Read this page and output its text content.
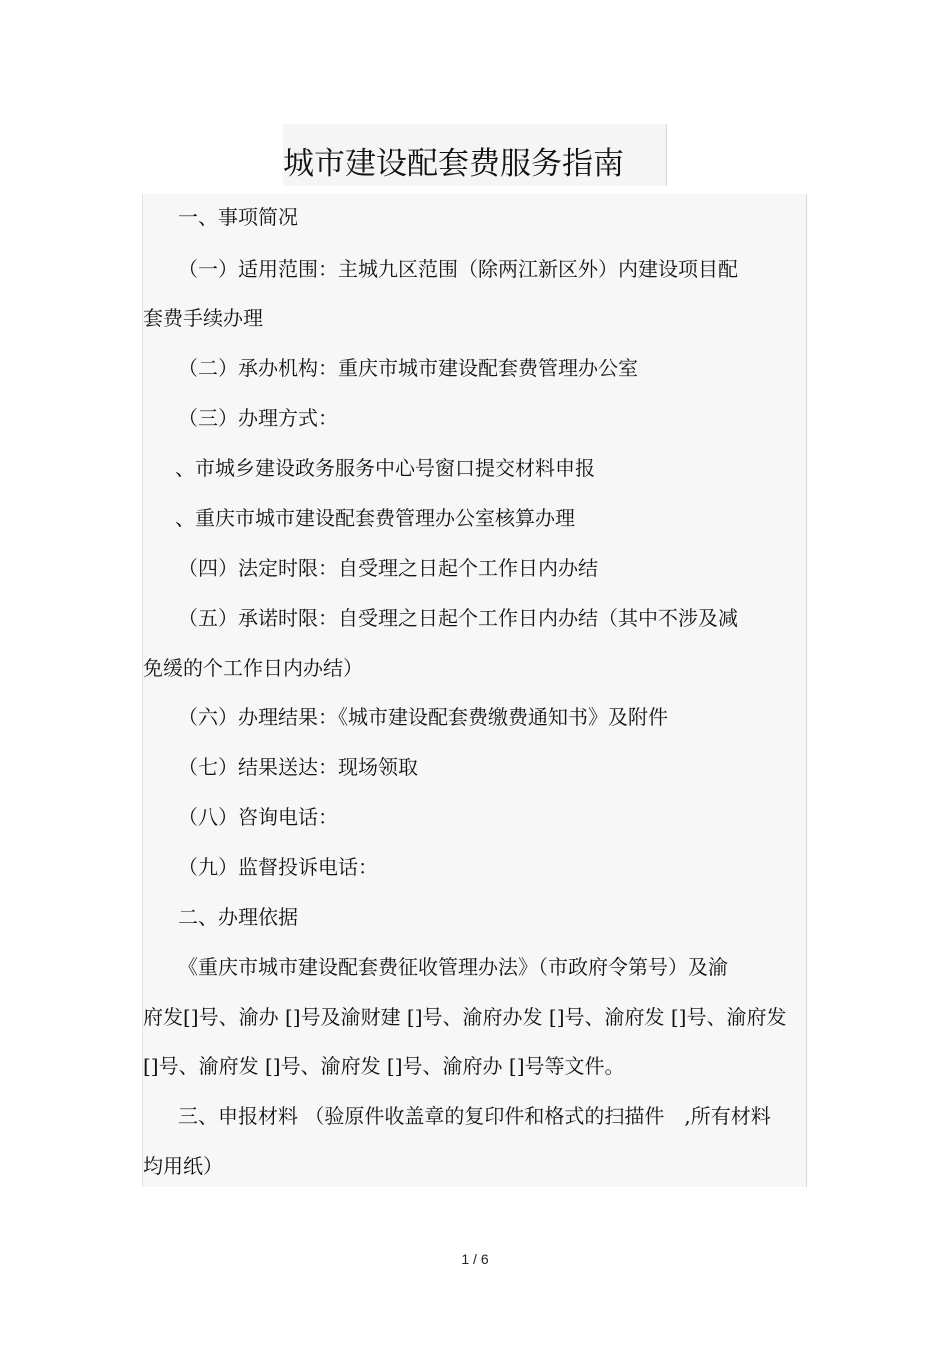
城市建设配套费服务指南
一、事项简况
（一）适用范围：主城九区范围（除两江新区外）内建设项目配
套费手续办理
（二）承办机构：重庆市城市建设配套费管理办公室
（三）办理方式：
、市城乡建设政务服务中心号窗口提交材料申报
、重庆市城市建设配套费管理办公室核算办理
（四）法定时限：自受理之日起个工作日内办结
（五）承诺时限：自受理之日起个工作日内办结（其中不涉及减
免缓的个工作日内办结）
（六）办理结果：《城市建设配套费缴费通知书》及附件
（七）结果送达：现场领取
（八）咨询电话：
（九）监督投诉电话：
二、办理依据
《重庆市城市建设配套费征收管理办法》（市政府令第号）及渝
府发[]号、渝办 []号及渝财建 []号、渝府办发 []号、渝府发 []号、渝府发
[]号、渝府发 []号、渝府发 []号、渝府办 []号等文件。
三、申报材料 （验原件收盖章的复印件和格式的扫描件　,所有材料
均用纸）
1 / 6
